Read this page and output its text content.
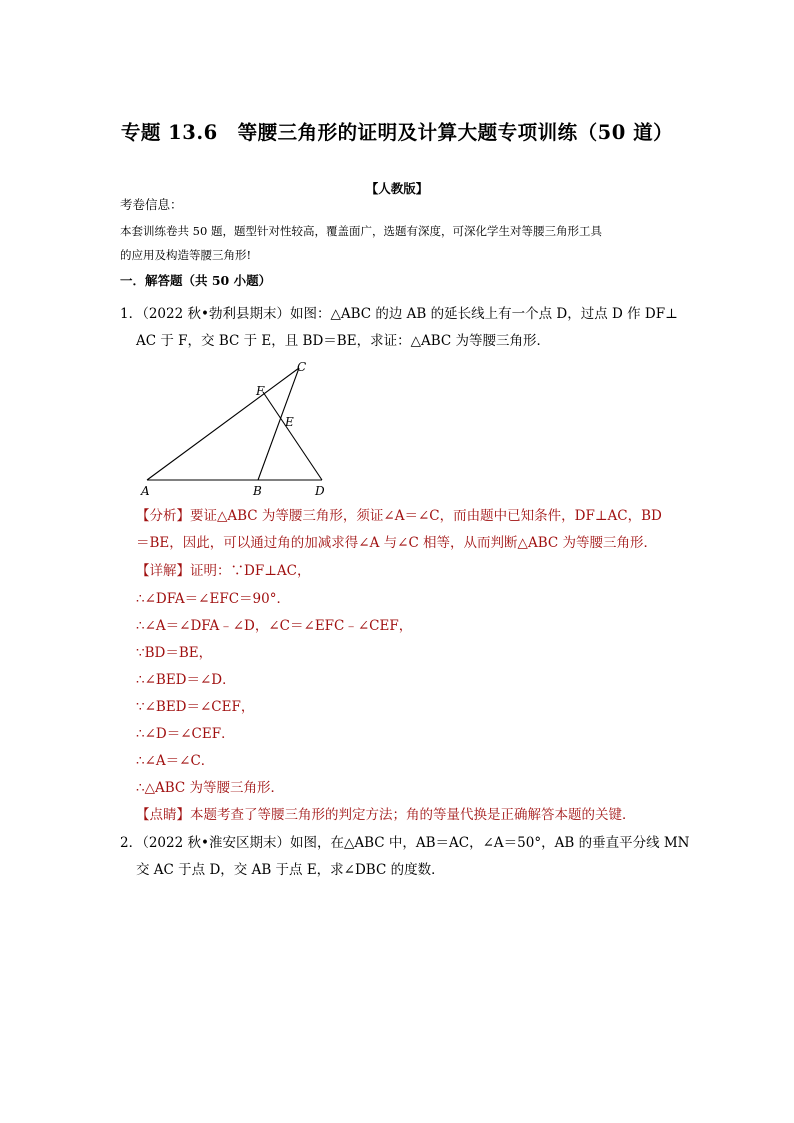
专题 13.6　等腰三角形的证明及计算大题专项训练（50 道）
【人教版】
考卷信息：
本套训练卷共 50 题，题型针对性较高，覆盖面广，选题有深度，可深化学生对等腰三角形工具
的应用及构造等腰三角形!
一．解答题（共 50 小题）
1．（2022 秋•勃利县期末）如图：△ABC 的边 AB 的延长线上有一个点 D，过点 D 作 DF⊥
AC 于 F，交 BC 于 E，且 BD＝BE，求证：△ABC 为等腰三角形．
C
F
E
A	B	D
【分析】要证△ABC 为等腰三角形，须证∠A＝∠C，而由题中已知条件，DF⊥AC，BD
＝BE，因此，可以通过角的加减求得∠A 与∠C 相等，从而判断△ABC 为等腰三角形．
【详解】证明：∵DF⊥AC，
∴∠DFA＝∠EFC＝90°．
∴∠A＝∠DFA﹣∠D，∠C＝∠EFC﹣∠CEF，
∵BD＝BE，
∴∠BED＝∠D．
∵∠BED＝∠CEF，
∴∠D＝∠CEF．
∴∠A＝∠C．
∴△ABC 为等腰三角形．
【点睛】本题考查了等腰三角形的判定方法；角的等量代换是正确解答本题的关键．
2．（2022 秋•淮安区期末）如图，在△ABC 中，AB＝AC，∠A＝50°，AB 的垂直平分线 MN
交 AC 于点 D，交 AB 于点 E，求∠DBC 的度数．
